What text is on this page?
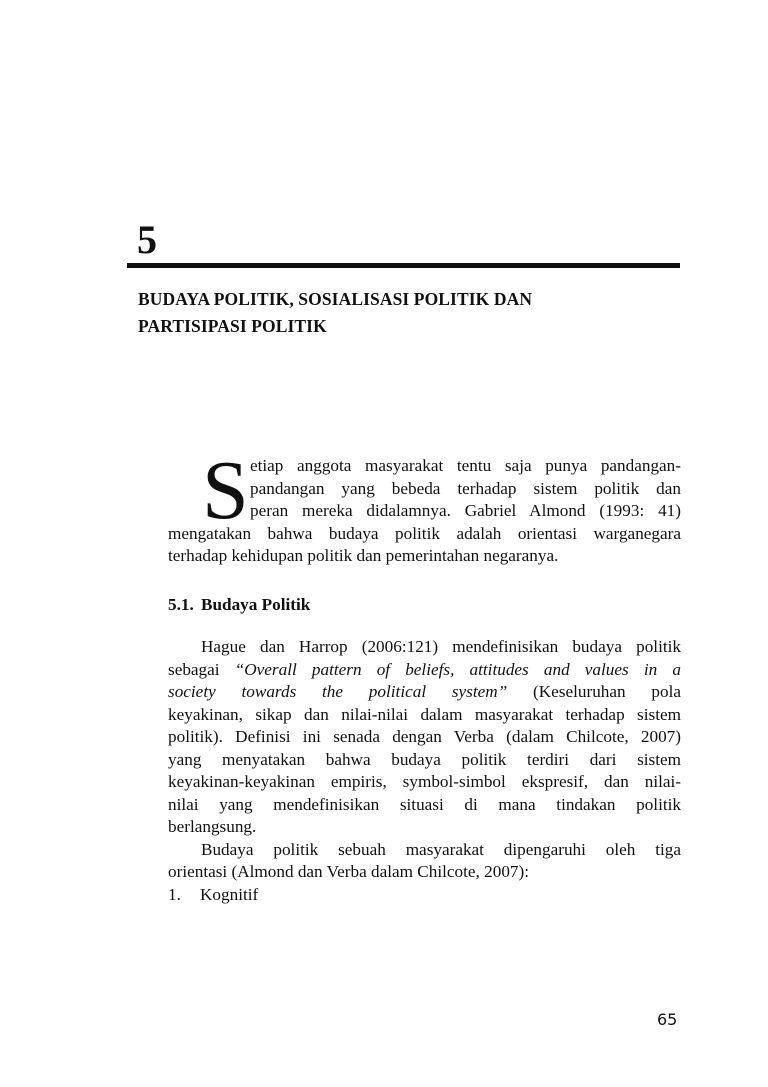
5
BUDAYA POLITIK, SOSIALISASI POLITIK DAN
PARTISIPASI POLITIK
S etiap anggota masyarakat tentu saja punya pandangan-
pandangan yang bebeda terhadap sistem politik dan
peran mereka didalamnya. Gabriel Almond (1993: 41)
mengatakan bahwa budaya politik adalah orientasi warganegara
terhadap kehidupan politik dan pemerintahan negaranya.
5.1. Budaya Politik
Hague dan Harrop (2006:121) mendefinisikan budaya politik
sebagai “Overall pattern of beliefs, attitudes and values in a
society towards the political system” (Keseluruhan pola
keyakinan, sikap dan nilai-nilai dalam masyarakat terhadap sistem
politik). Definisi ini senada dengan Verba (dalam Chilcote, 2007)
yang menyatakan bahwa budaya politik terdiri dari sistem
keyakinan-keyakinan empiris, symbol-simbol ekspresif, dan nilai-
nilai yang mendefinisikan situasi di mana tindakan politik
berlangsung.
Budaya politik sebuah masyarakat dipengaruhi oleh tiga
orientasi (Almond dan Verba dalam Chilcote, 2007):
1. Kognitif
65
